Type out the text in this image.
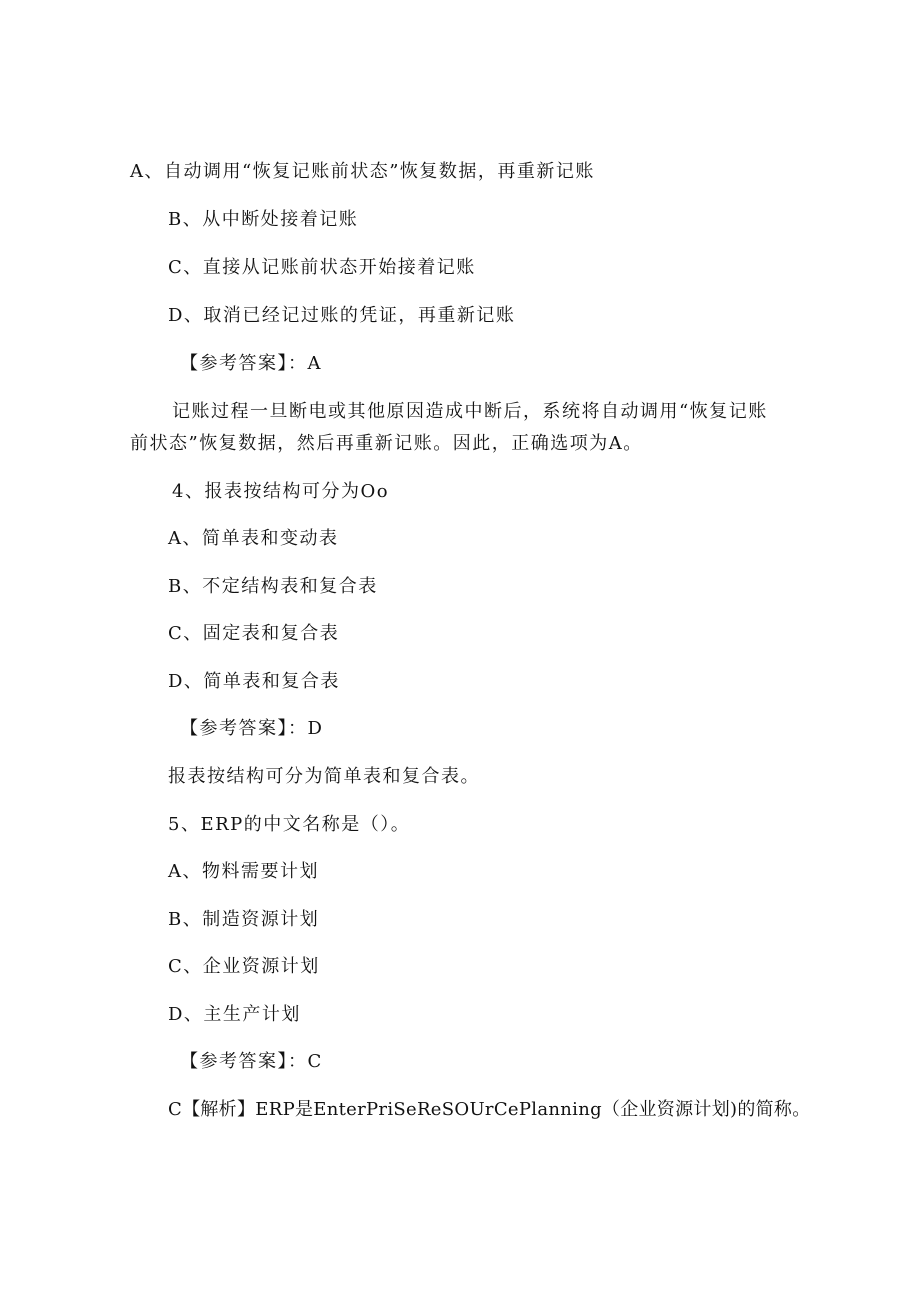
A、自动调用“恢复记账前状态”恢复数据，再重新记账
B、从中断处接着记账
C、直接从记账前状态开始接着记账
D、取消已经记过账的凭证，再重新记账
【参考答案】：A
记账过程一旦断电或其他原因造成中断后，系统将自动调用“恢复记账
前状态”恢复数据，然后再重新记账。因此，正确选项为A。
4、报表按结构可分为Oo
A、简单表和变动表
B、不定结构表和复合表
C、固定表和复合表
D、简单表和复合表
【参考答案】：D
报表按结构可分为简单表和复合表。
5、ERP的中文名称是（）。
A、物料需要计划
B、制造资源计划
C、企业资源计划
D、主生产计划
【参考答案】：C
C【解析】ERP是EnterPriSeReSOUrCePlanning（企业资源计划)的简称。
